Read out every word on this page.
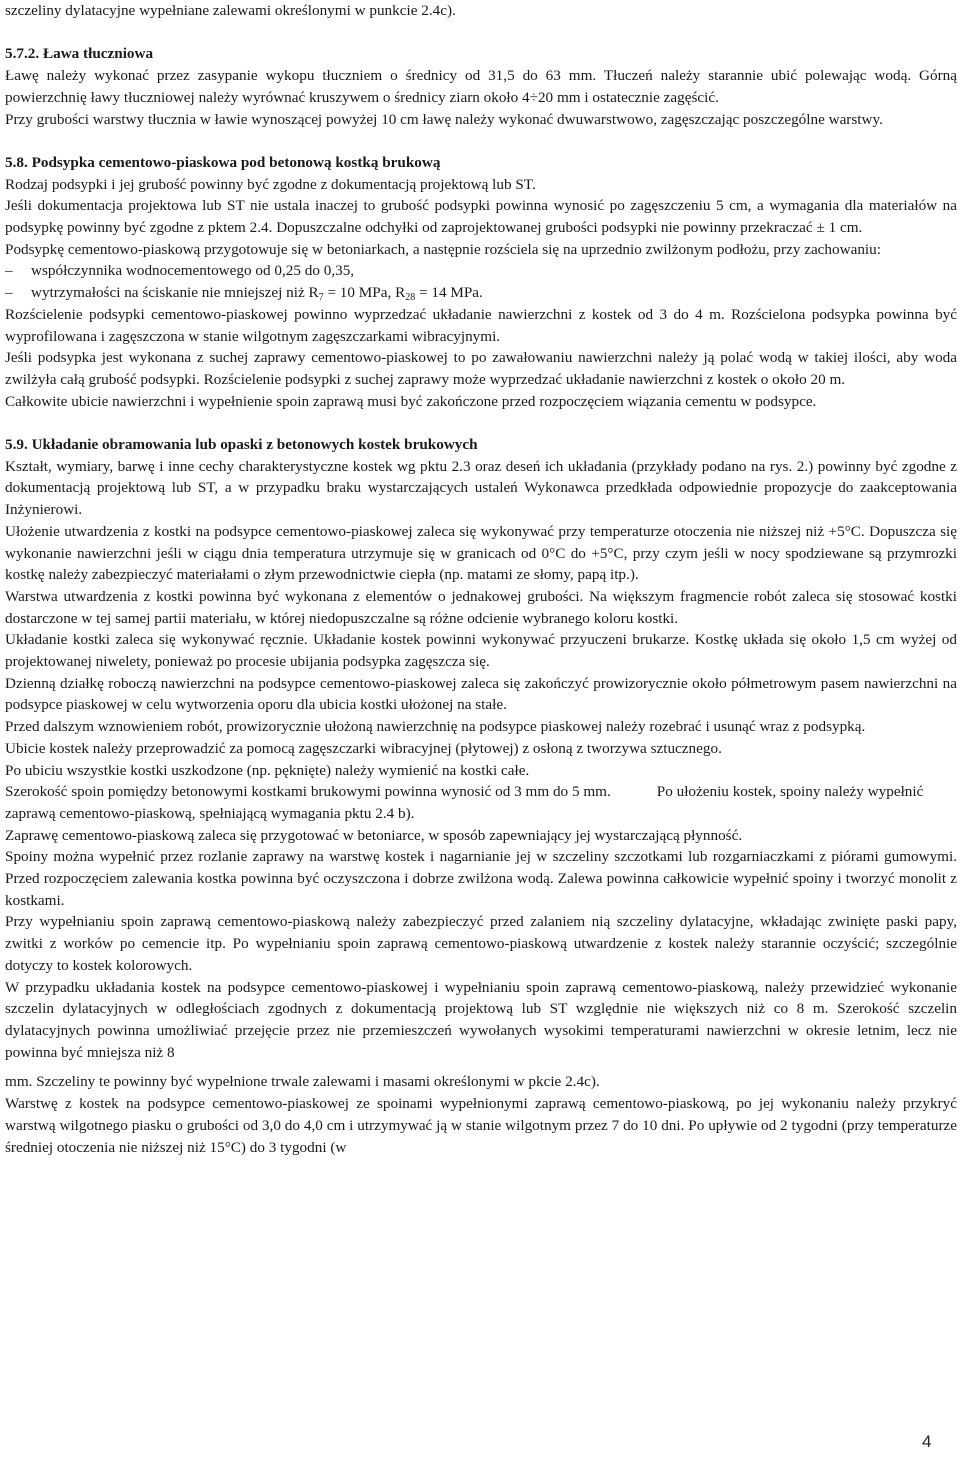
szczeliny dylatacyjne wypełniane zalewami określonymi w punkcie 2.4c).

5.7.2. Ława tłuczniowa

Ławę należy wykonać przez zasypanie wykopu tłuczniem o średnicy od 31,5 do 63 mm. Tłuczeń należy starannie ubić polewając wodą. Górną powierzchnię ławy tłuczniowej należy wyrównać kruszywem o średnicy ziarn około 4÷20 mm i ostatecznie zagęścić.

Przy grubości warstwy tłucznia w ławie wynoszącej powyżej 10 cm ławę należy wykonać dwuwarstwowo, zagęszczając poszczególne warstwy.

5.8. Podsypka cementowo-piaskowa pod betonową kostką brukową

Rodzaj podsypki i jej grubość powinny być zgodne z dokumentacją projektową lub ST.

Jeśli dokumentacja projektowa lub ST nie ustala inaczej to grubość podsypki powinna wynosić po zagęszczeniu 5 cm, a wymagania dla materiałów na podsypkę powinny być zgodne z pktem 2.4. Dopuszczalne odchyłki od zaprojektowanej grubości podsypki nie powinny przekraczać ± 1 cm.

Podsypkę cementowo-piaskową przygotowuje się w betoniarkach, a następnie rozściela się na uprzednio zwilżonym podłożu, przy zachowaniu:

– współczynnika wodnocementowego od 0,25 do 0,35,

– wytrzymałości na ściskanie nie mniejszej niż $R_7 = 10$ MPa, $R_{28} = 14$ MPa.

Rozścielenie podsypki cementowo-piaskowej powinno wyprzedzać układanie nawierzchni z kostek od 3 do 4 m. Rozścielona podsypka powinna być wyprofilowana i zagęszczona w stanie wilgotnym zagęszczarkami wibracyjnymi.

Jeśli podsypka jest wykonana z suchej zaprawy cementowo-piaskowej to po zawałowaniu nawierzchni należy ją polać wodą w takiej ilości, aby woda zwilżyła całą grubość podsypki. Rozścielenie podsypki z suchej zaprawy może wyprzedzać układanie nawierzchni z kostek o około 20 m.

Całkowite ubicie nawierzchni i wypełnienie spoin zaprawą musi być zakończone przed rozpoczęciem wiązania cementu w podsypce.

5.9. Układanie obramowania lub opaski z betonowych kostek brukowych

Kształt, wymiary, barwę i inne cechy charakterystyczne kostek wg pktu 2.3 oraz deseń ich układania (przykłady podano na rys. 2.) powinny być zgodne z dokumentacją projektową lub ST, a w przypadku braku wystarczających ustaleń Wykonawca przedkłada odpowiednie propozycje do zaakceptowania Inżynierowi.

Ułożenie utwardzenia z kostki na podsypce cementowo-piaskowej zaleca się wykonywać przy temperaturze otoczenia nie niższej niż +5°C. Dopuszcza się wykonanie nawierzchni jeśli w ciągu dnia temperatura utrzymuje się w granicach od 0°C do +5°C, przy czym jeśli w nocy spodziewane są przymrozki kostkę należy zabezpieczyć materiałami o złym przewodnictwie ciepła (np. matami ze słomy, papą itp.).

Warstwa utwardzenia z kostki powinna być wykonana z elementów o jednakowej grubości. Na większym fragmencie robót zaleca się stosować kostki dostarczone w tej samej partii materiału, w której niedopuszczalne są różne odcienie wybranego koloru kostki.

Układanie kostki zaleca się wykonywać ręcznie. Układanie kostek powinni wykonywać przyuczeni brukarze. Kostkę układa się około 1,5 cm wyżej od projektowanej niwelety, ponieważ po procesie ubijania podsypka zagęszcza się.

Dzienną działkę roboczą nawierzchni na podsypce cementowo-piaskowej zaleca się zakończyć prowizorycznie około półmetrowym pasem nawierzchni na podsypce piaskowej w celu wytworzenia oporu dla ubicia kostki ułożonej na stałe.

Przed dalszym wznowieniem robót, prowizorycznie ułożoną nawierzchnię na podsypce piaskowej należy rozebrać i usunąć wraz z podsypką.

Ubicie kostek należy przeprowadzić za pomocą zagęszczarki wibracyjnej (płytowej) z osłoną z tworzywa sztucznego.

Po ubiciu wszystkie kostki uszkodzone (np. pęknięte) należy wymienić na kostki całe.

Szerokość spoin pomiędzy betonowymi kostkami brukowymi powinna wynosić od 3 mm do 5 mm.	Po ułożeniu kostek, spoiny należy wypełnić zaprawą cementowo-piaskową, spełniającą wymagania pktu 2.4 b).

Zaprawę cementowo-piaskową zaleca się przygotować w betoniarce, w sposób zapewniający jej wystarczającą płynność.

Spoiny można wypełnić przez rozlanie zaprawy na warstwę kostek i nagarnianie jej w szczeliny szczotkami lub rozgarniaczkami z piórami gumowymi. Przed rozpoczęciem zalewania kostka powinna być oczyszczona i dobrze zwilżona wodą. Zalewa powinna całkowicie wypełnić spoiny i tworzyć monolit z kostkami.

Przy wypełnianiu spoin zaprawą cementowo-piaskową należy zabezpieczyć przed zalaniem nią szczeliny dylatacyjne, wkładając zwinięte paski papy, zwitki z worków po cemencie itp. Po wypełnianiu spoin zaprawą cementowo-piaskową utwardzenie z kostek należy starannie oczyścić; szczególnie dotyczy to kostek kolorowych.

W przypadku układania kostek na podsypce cementowo-piaskowej i wypełnianiu spoin zaprawą cementowo-piaskową, należy przewidzieć wykonanie szczelin dylatacyjnych w odległościach zgodnych z dokumentacją projektową lub ST względnie nie większych niż co 8 m. Szerokość szczelin dylatacyjnych powinna umożliwiać przejęcie przez nie przemieszczeń wywołanych wysokimi temperaturami nawierzchni w okresie letnim, lecz nie powinna być mniejsza niż 8

mm. Szczeliny te powinny być wypełnione trwale zalewami i masami określonymi w pkcie 2.4c).

Warstwę z kostek na podsypce cementowo-piaskowej ze spoinami wypełnionymi zaprawą cementowo-piaskową, po jej wykonaniu należy przykryć warstwą wilgotnego piasku o grubości od 3,0 do 4,0 cm i utrzymywać ją w stanie wilgotnym przez 7 do 10 dni. Po upływie od 2 tygodni (przy temperaturze średniej otoczenia nie niższej niż 15°C) do 3 tygodni (w

4
